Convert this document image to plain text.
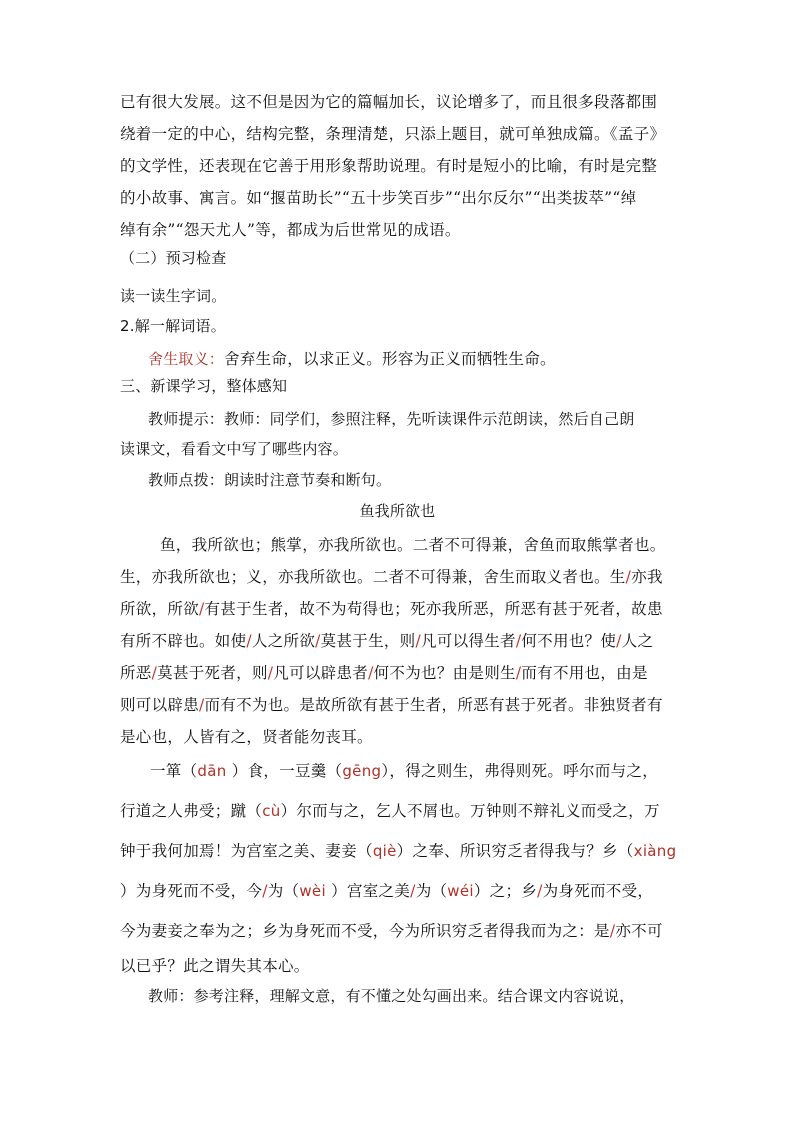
已有很大发展。这不但是因为它的篇幅加长，议论增多了，而且很多段落都围
绕着一定的中心，结构完整，条理清楚，只添上题目，就可单独成篇。《孟子》
的文学性，还表现在它善于用形象帮助说理。有时是短小的比喻，有时是完整
的小故事、寓言。如“揠苗助长”“五十步笑百步”“出尔反尔”“出类拔萃”“绰
绰有余”“怨天尤人”等，都成为后世常见的成语。
（二）预习检查
读一读生字词。
2.解一解词语。
舍生取义：舍弃生命，以求正义。形容为正义而牺牲生命。
三、新课学习，整体感知
教师提示：教师：同学们，参照注释，先听读课件示范朗读，然后自己朗
读课文，看看文中写了哪些内容。
教师点拨：朗读时注意节奏和断句。
鱼我所欲也
鱼，我所欲也；熊掌，亦我所欲也。二者不可得兼，舍鱼而取熊掌者也。
生，亦我所欲也；义，亦我所欲也。二者不可得兼，舍生而取义者也。生/亦我
所欲，所欲/有甚于生者，故不为苟得也；死亦我所恶，所恶有甚于死者，故患
有所不辟也。如使/人之所欲/莫甚于生，则/凡可以得生者/何不用也？使/人之
所恶/莫甚于死者，则/凡可以辟患者/何不为也？由是则生/而有不用也，由是
则可以辟患/而有不为也。是故所欲有甚于生者，所恶有甚于死者。非独贤者有
是心也，人皆有之，贤者能勿丧耳。
一箪（dān ）食，一豆羹（gēng），得之则生，弗得则死。呼尔而与之，
行道之人弗受；蹴（cù）尔而与之，乞人不屑也。万钟则不辩礼义而受之，万
钟于我何加焉！为宫室之美、妻妾（qiè）之奉、所识穷乏者得我与？乡（xiàng
）为身死而不受，今/为（wèi ）宫室之美/为（wéi）之；乡/为身死而不受，
今为妻妾之奉为之；乡为身死而不受，今为所识穷乏者得我而为之：是/亦不可
以已乎？此之谓失其本心。
教师：参考注释，理解文意，有不懂之处勾画出来。结合课文内容说说，
